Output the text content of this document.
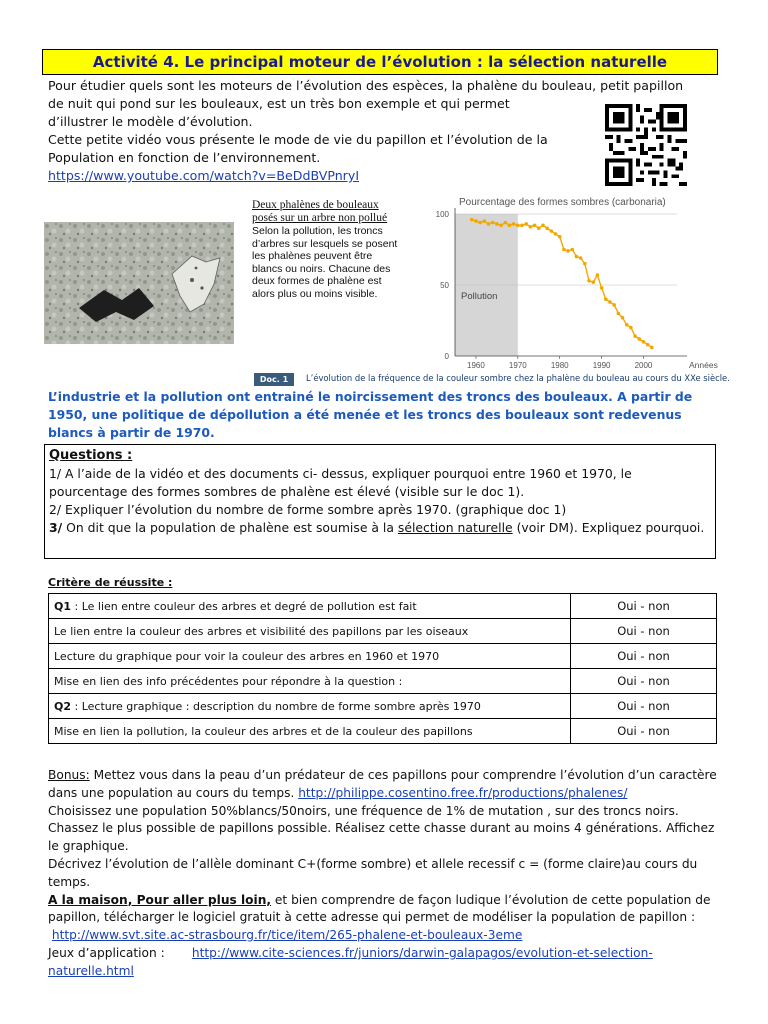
Activité 4. Le principal moteur de l’évolution : la sélection naturelle

Pour étudier quels sont les moteurs de l’évolution des espèces, la phalène du bouleau, petit papillon

de nuit qui pond sur les bouleaux, est un très bon exemple et qui permet

d’illustrer le modèle d’évolution.

Cette petite vidéo vous présente le mode de vie du papillon et l’évolution de la

Population en fonction de l’environnement.

https://www.youtube.com/watch?v=BeDdBVPnryI

Deux phalènes de bouleaux posés sur un arbre non pollué
Selon la pollution, les troncs d’arbres sur lesquels se posent les phalènes peuvent être blancs ou noirs. Chacune des deux formes de phalène est alors plus ou moins visible.
Pourcentage des formes sombres (carbonaria)
0
50
100
1960	1970	1980	1990	2000	Années
Pollution
Doc. 1	L’évolution de la fréquence de la couleur sombre chez la phalène du bouleau au cours du XXe siècle.
L’industrie et la pollution ont entrainé le noircissement des troncs des bouleaux. A partir de 1950, une politique de dépollution a été menée et les troncs des bouleaux sont redevenus blancs à partir de 1970.
Questions :

1/ A l’aide de la vidéo et des documents ci- dessus, expliquer pourquoi entre 1960 et 1970, le pourcentage des formes sombres de phalène est élevé (visible sur le doc 1).

2/ Expliquer l’évolution du nombre de forme sombre après 1970. (graphique doc 1)

3/ On dit que la population de phalène est soumise à la sélection naturelle (voir DM). Expliquez pourquoi.

Critère de réussite :
Q1 : Le lien entre couleur des arbres et degré de pollution est fait	Oui - non
Le lien entre la couleur des arbres et visibilité des papillons par les oiseaux	Oui - non
Lecture du graphique pour voir la couleur des arbres en 1960 et 1970	Oui - non
Mise en lien des info précédentes pour répondre à la question :	Oui - non
Q2 : Lecture graphique : description du nombre de forme sombre après 1970	Oui - non
Mise en lien la pollution, la couleur des arbres et de la couleur des papillons	Oui - non

Bonus: Mettez vous dans la peau d’un prédateur de ces papillons pour comprendre l’évolution d’un caractère dans une population au cours du temps. http://philippe.cosentino.free.fr/productions/phalenes/

Choisissez une population 50%blancs/50noirs, une fréquence de 1% de mutation , sur des troncs noirs. Chassez le plus possible de papillons possible. Réalisez cette chasse durant au moins 4 générations. Affichez le graphique.

Décrivez l’évolution de l’allèle dominant C+(forme sombre) et allele recessif c = (forme claire)au cours du temps.

A la maison, Pour aller plus loin, et bien comprendre de façon ludique l’évolution de cette population de papillon, télécharger le logiciel gratuit à cette adresse qui permet de modéliser la population de papillon :

http://www.svt.site.ac-strasbourg.fr/tice/item/265-phalene-et-bouleaux-3eme

Jeux d’application : http://www.cite-sciences.fr/juniors/darwin-galapagos/evolution-et-selection-naturelle.html
